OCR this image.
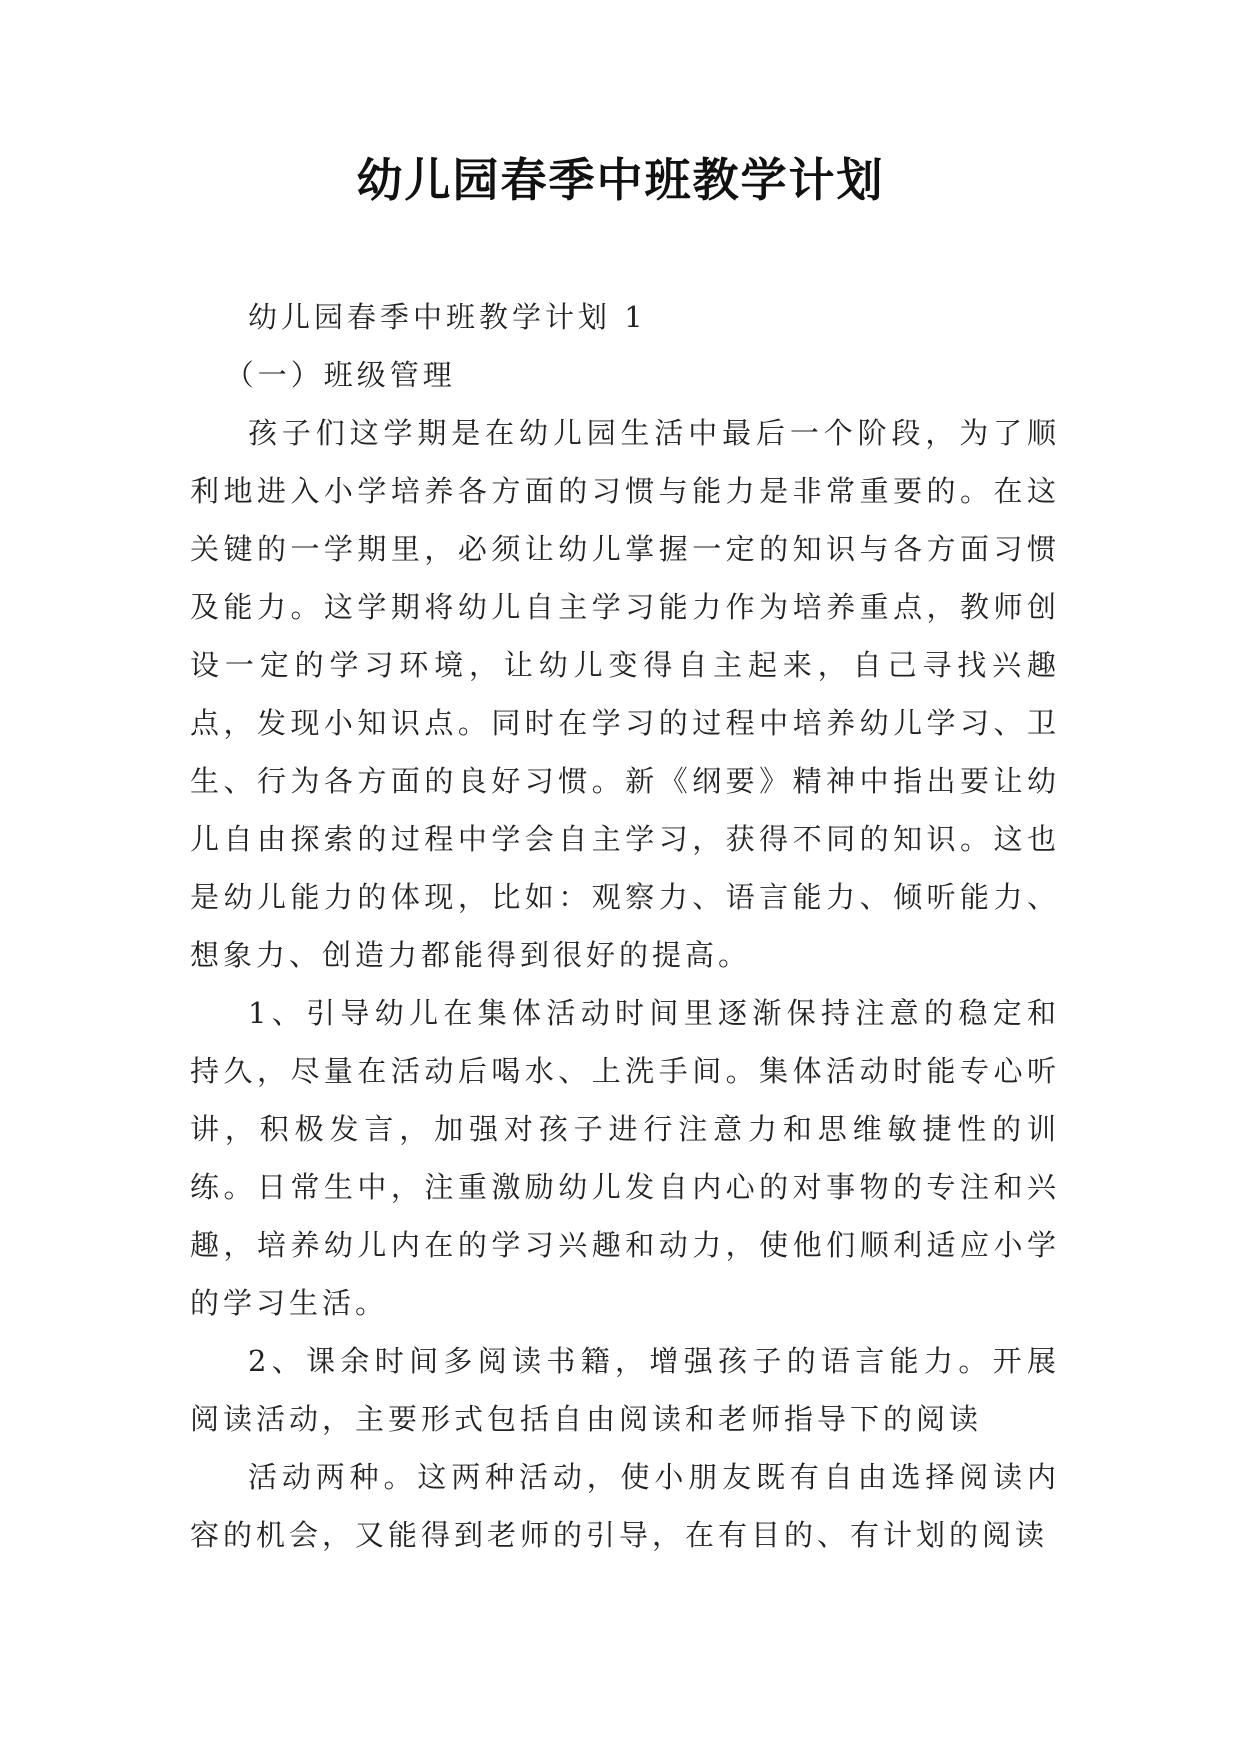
幼儿园春季中班教学计划

幼儿园春季中班教学计划 1

（一）班级管理

孩子们这学期是在幼儿园生活中最后一个阶段，为了顺利地进入小学培养各方面的习惯与能力是非常重要的。在这关键的一学期里，必须让幼儿掌握一定的知识与各方面习惯及能力。这学期将幼儿自主学习能力作为培养重点，教师创设一定的学习环境，让幼儿变得自主起来，自己寻找兴趣点，发现小知识点。同时在学习的过程中培养幼儿学习、卫生、行为各方面的良好习惯。新《纲要》精神中指出要让幼儿自由探索的过程中学会自主学习，获得不同的知识。这也是幼儿能力的体现，比如：观察力、语言能力、倾听能力、想象力、创造力都能得到很好的提高。

1、引导幼儿在集体活动时间里逐渐保持注意的稳定和持久，尽量在活动后喝水、上洗手间。集体活动时能专心听讲，积极发言，加强对孩子进行注意力和思维敏捷性的训练。日常生中，注重激励幼儿发自内心的对事物的专注和兴趣，培养幼儿内在的学习兴趣和动力，使他们顺利适应小学的学习生活。

2、课余时间多阅读书籍，增强孩子的语言能力。开展阅读活动，主要形式包括自由阅读和老师指导下的阅读

活动两种。这两种活动，使小朋友既有自由选择阅读内容的机会，又能得到老师的引导，在有目的、有计划的阅读
